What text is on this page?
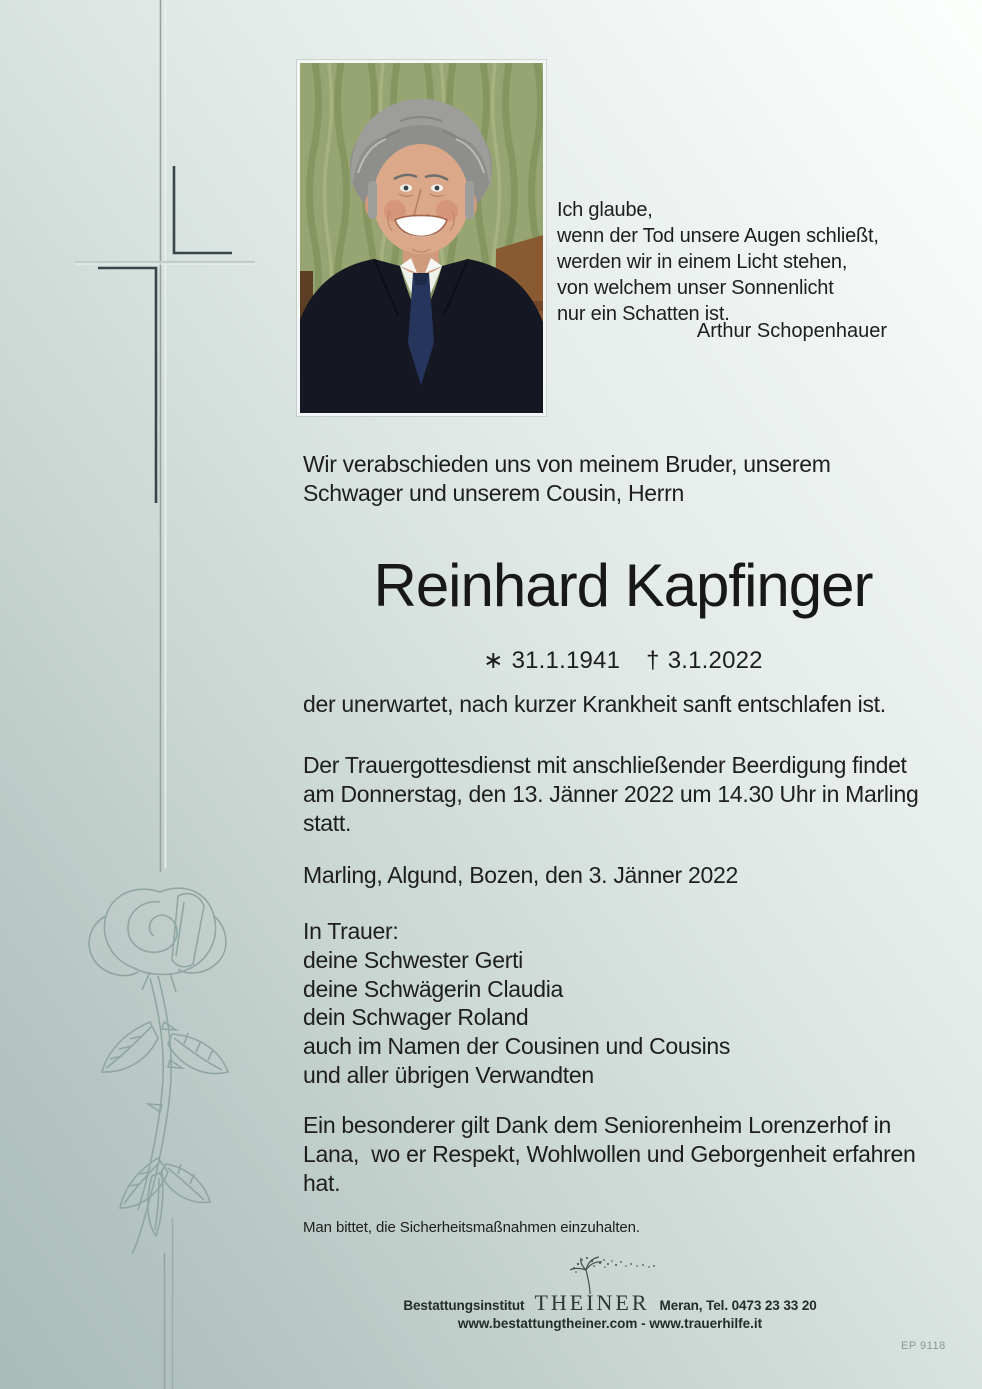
Ich glaube,
wenn der Tod unsere Augen schließt,
werden wir in einem Licht stehen,
von welchem unser Sonnenlicht
nur ein Schatten ist.
Arthur Schopenhauer
Wir verabschieden uns von meinem Bruder, unserem
Schwager und unserem Cousin, Herrn
Reinhard Kapfinger
∗ 31.1.1941 † 3.1.2022
der unerwartet, nach kurzer Krankheit sanft entschlafen ist.
Der Trauergottesdienst mit anschließender Beerdigung findet
am Donnerstag, den 13. Jänner 2022 um 14.30 Uhr in Marling
statt.
Marling, Algund, Bozen, den 3. Jänner 2022
In Trauer:
deine Schwester Gerti
deine Schwägerin Claudia
dein Schwager Roland
auch im Namen der Cousinen und Cousins
und aller übrigen Verwandten
Ein besonderer gilt Dank dem Seniorenheim Lorenzerhof in
Lana,  wo er Respekt, Wohlwollen und Geborgenheit erfahren
hat.
Man bittet, die Sicherheitsmaßnahmen einzuhalten.
Bestattungsinstitut THEINER Meran, Tel. 0473 23 33 20
www.bestattungtheiner.com - www.trauerhilfe.it
EP 9118
